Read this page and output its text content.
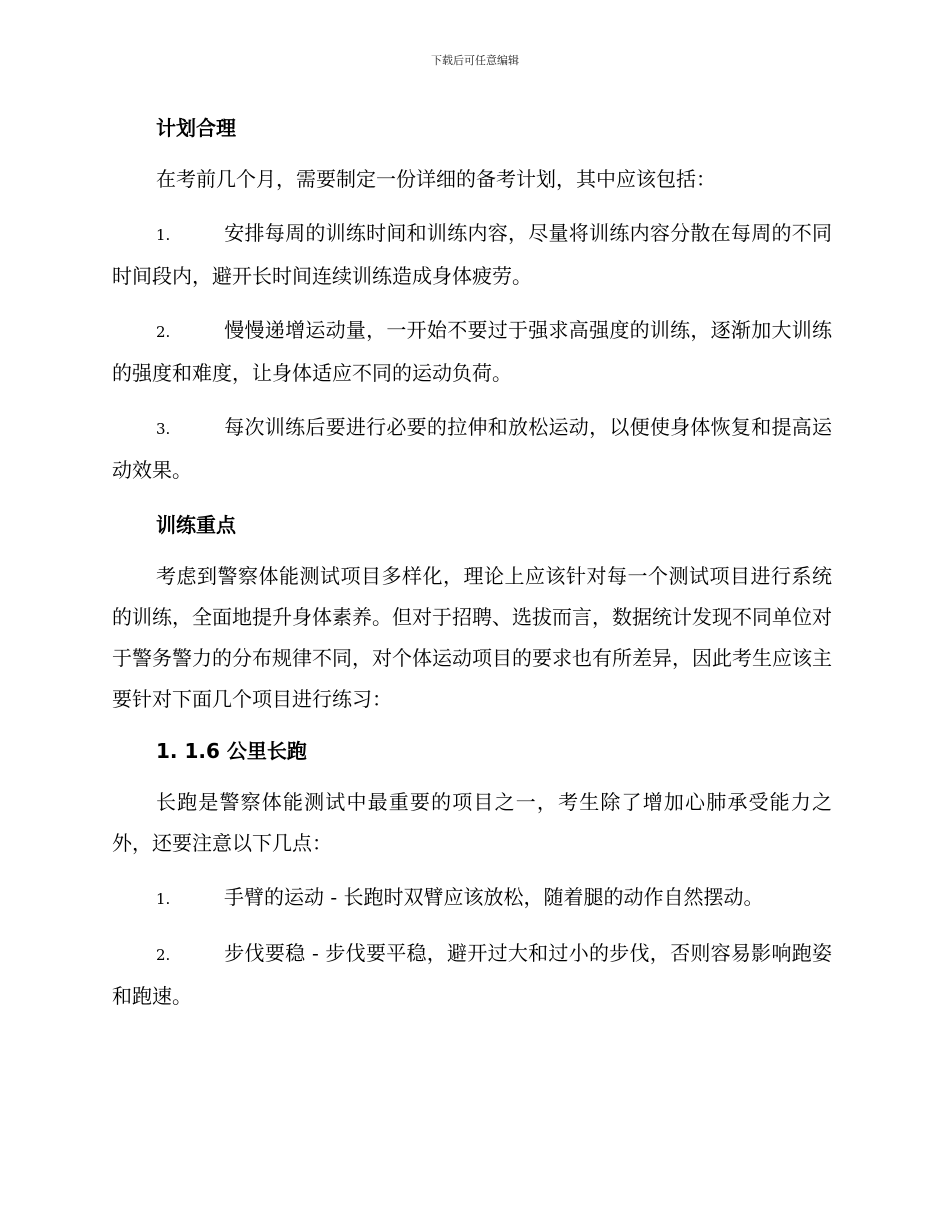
下载后可任意编辑
计划合理

在考前几个月，需要制定一份详细的备考计划，其中应该包括：

1.	安排每周的训练时间和训练内容，尽量将训练内容分散在每周的不同时间段内，避开长时间连续训练造成身体疲劳。

2.	慢慢递增运动量，一开始不要过于强求高强度的训练，逐渐加大训练的强度和难度，让身体适应不同的运动负荷。

3.	每次训练后要进行必要的拉伸和放松运动，以便使身体恢复和提高运动效果。

训练重点

考虑到警察体能测试项目多样化，理论上应该针对每一个测试项目进行系统的训练，全面地提升身体素养。但对于招聘、选拔而言，数据统计发现不同单位对于警务警力的分布规律不同，对个体运动项目的要求也有所差异，因此考生应该主要针对下面几个项目进行练习：

1. 1.6 公里长跑

长跑是警察体能测试中最重要的项目之一，考生除了增加心肺承受能力之外，还要注意以下几点：

1.	手臂的运动 - 长跑时双臂应该放松，随着腿的动作自然摆动。

2.	步伐要稳 - 步伐要平稳，避开过大和过小的步伐，否则容易影响跑姿和跑速。
